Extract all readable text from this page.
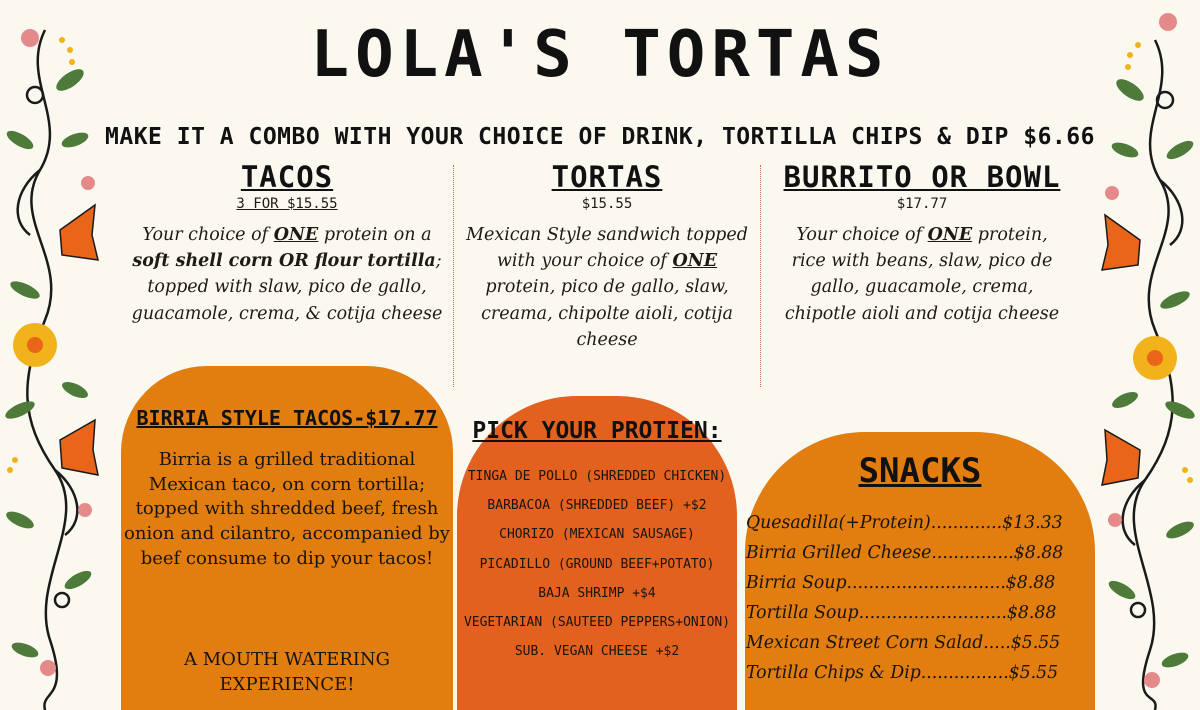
LOLA'S TORTAS
MAKE IT A COMBO WITH YOUR CHOICE OF DRINK, TORTILLA CHIPS & DIP $6.66
TACOS
3 FOR $15.55

Your choice of ONE protein on a soft shell corn OR flour tortilla; topped with slaw, pico de gallo, guacamole, crema, & cotija cheese

TORTAS
$15.55

Mexican Style sandwich topped with your choice of ONE protein, pico de gallo, slaw, creama, chipolte aioli, cotija cheese

BURRITO OR BOWL
$17.77

Your choice of ONE protein, rice with beans, slaw, pico de gallo, guacamole, crema, chipotle aioli and cotija cheese

BIRRIA STYLE TACOS-$17.77
Birria is a grilled traditional Mexican taco, on corn tortilla; topped with shredded beef, fresh onion and cilantro, accompanied by beef consume to dip your tacos!
A MOUTH WATERING EXPERIENCE!
PICK YOUR PROTIEN:
TINGA DE POLLO (SHREDDED CHICKEN)
BARBACOA (SHREDDED BEEF) +$2
CHORIZO (MEXICAN SAUSAGE)
PICADILLO (GROUND BEEF+POTATO)
BAJA SHRIMP +$4
VEGETARIAN (SAUTEED PEPPERS+ONION)
SUB. VEGAN CHEESE +$2
SNACKS
Quesadilla(+Protein).............$13.33
Birria Grilled Cheese...............$8.88
Birria Soup.............................$8.88
Tortilla Soup...........................$8.88
Mexican Street Corn Salad.....$5.55
Tortilla Chips & Dip................$5.55
